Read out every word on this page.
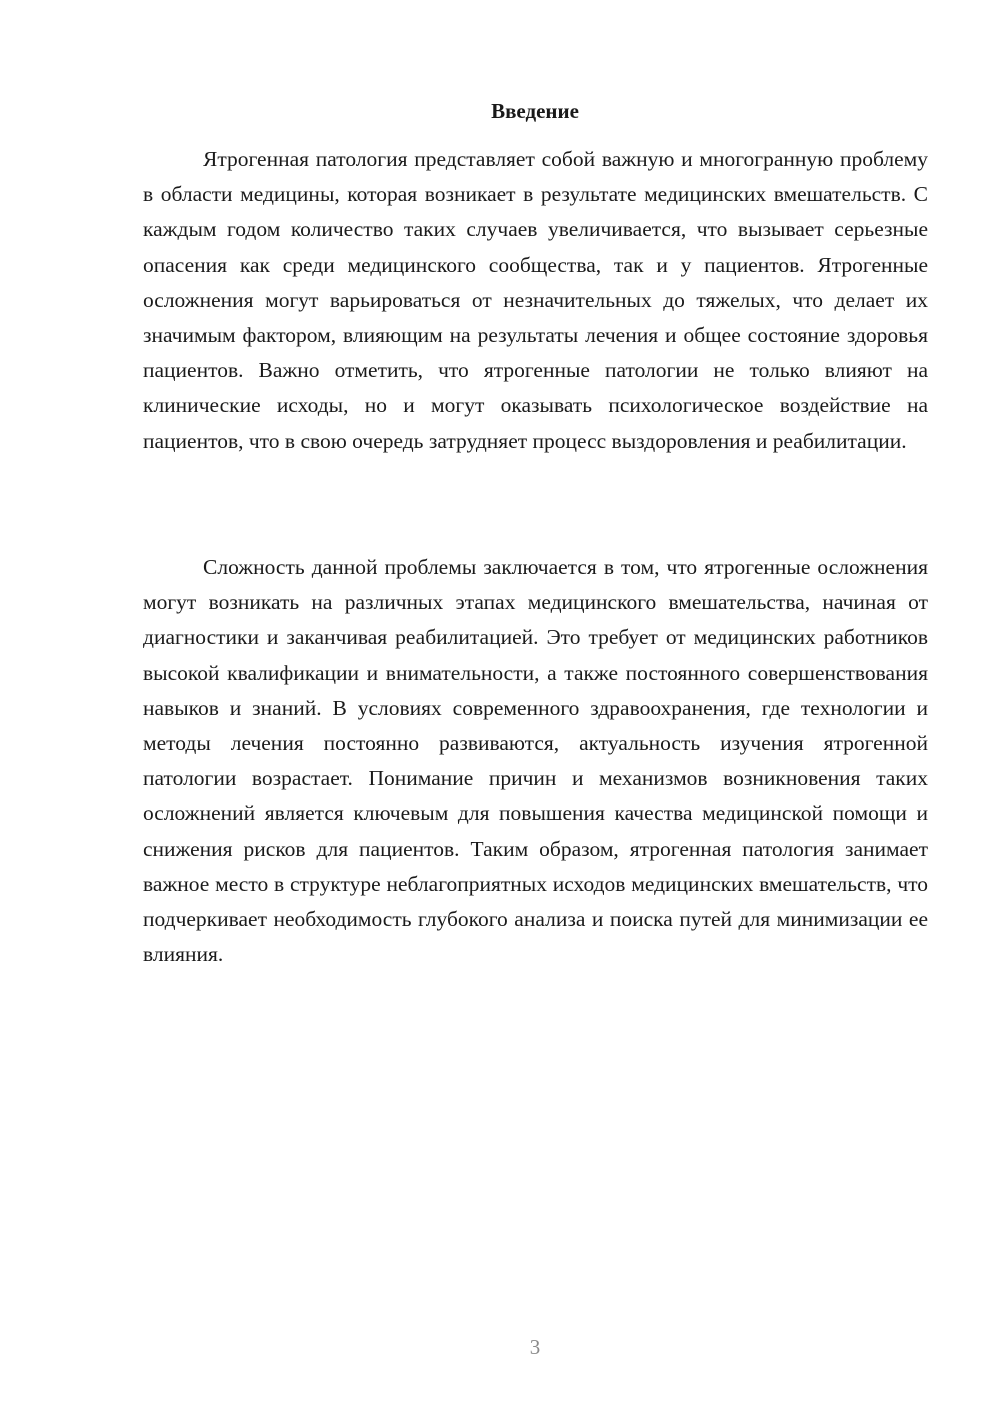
Введение

Ятрогенная патология представляет собой важную и многогранную проблему в области медицины, которая возникает в результате медицинских вмешательств. С каждым годом количество таких случаев увеличивается, что вызывает серьезные опасения как среди медицинского сообщества, так и у пациентов. Ятрогенные осложнения могут варьироваться от незначительных до тяжелых, что делает их значимым фактором, влияющим на результаты лечения и общее состояние здоровья пациентов. Важно отметить, что ятрогенные патологии не только влияют на клинические исходы, но и могут оказывать психологическое воздействие на пациентов, что в свою очередь затрудняет процесс выздоровления и реабилитации.

Сложность данной проблемы заключается в том, что ятрогенные осложнения могут возникать на различных этапах медицинского вмешательства, начиная от диагностики и заканчивая реабилитацией. Это требует от медицинских работников высокой квалификации и внимательности, а также постоянного совершенствования навыков и знаний. В условиях современного здравоохранения, где технологии и методы лечения постоянно развиваются, актуальность изучения ятрогенной патологии возрастает. Понимание причин и механизмов возникновения таких осложнений является ключевым для повышения качества медицинской помощи и снижения рисков для пациентов. Таким образом, ятрогенная патология занимает важное место в структуре неблагоприятных исходов медицинских вмешательств, что подчеркивает необходимость глубокого анализа и поиска путей для минимизации ее влияния.

3
